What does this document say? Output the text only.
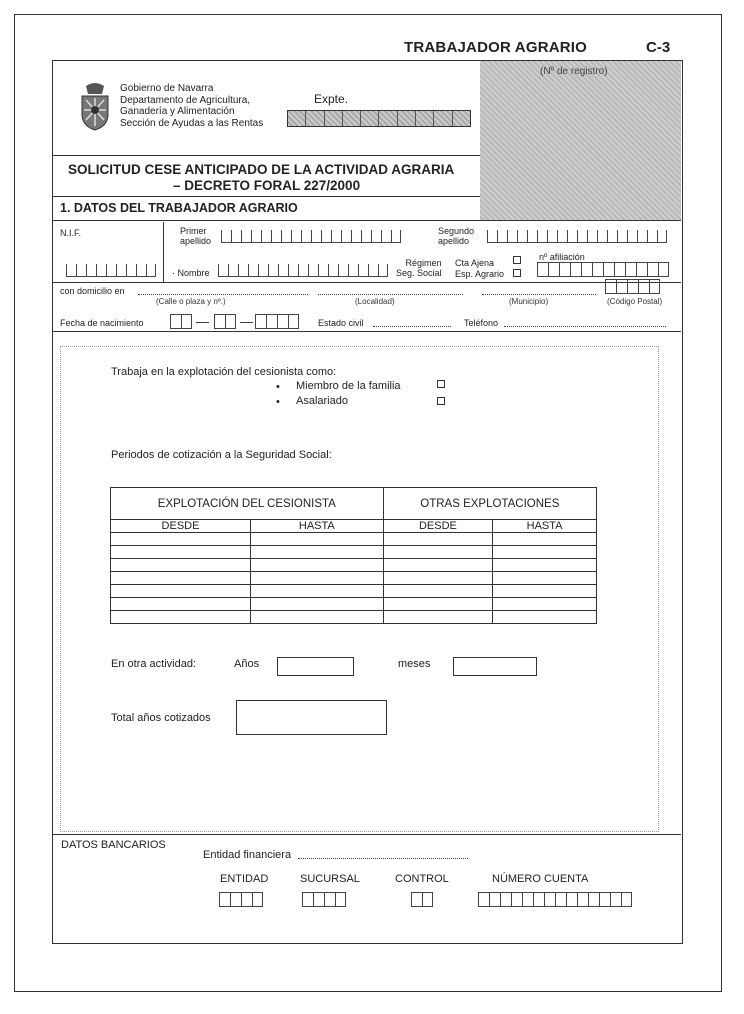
TRABAJADOR AGRARIO	C-3
Gobierno de Navarra
Departamento de Agricultura,
Ganadería y Alimentación
Sección de Ayudas a las Rentas
Expte.
(Nº de registro)
SOLICITUD CESE ANTICIPADO DE LA ACTIVIDAD AGRARIA
– DECRETO FORAL 227/2000
1. DATOS DEL TRABAJADOR AGRARIO
N.I.F.	Primer
apellido
Segundo
apellido
· Nombre
Régimen
Seg. Social
Cta Ajena
Esp. Agrario
nº afiliación
con domicilio en
(Calle o plaza y nº.)	(Localidad)	(Municipio)	(Código Postal)
Fecha de nacimiento	— —	Estado civil	Teléfono
Trabaja en la explotación del cesionista como:
• Miembro de la familia
• Asalariado
Periodos de cotización a la Seguridad Social:
EXPLOTACIÓN DEL CESIONISTA		OTRAS EXPLOTACIONES	
DESDE	HASTA	DESDE	HASTA

En otra actividad:	Años	meses
Total años cotizados
DATOS BANCARIOS
Entidad financiera
ENTIDAD	SUCURSAL	CONTROL	NÚMERO CUENTA
